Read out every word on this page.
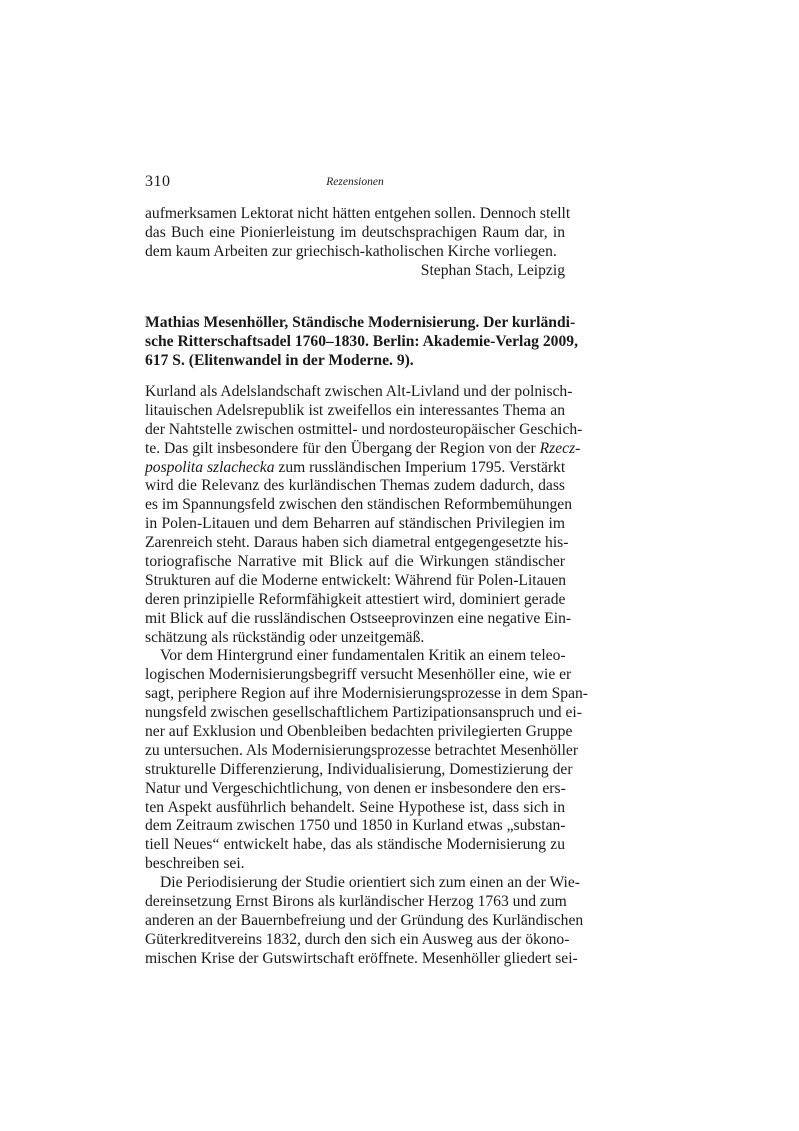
310	Rezensionen
aufmerksamen Lektorat nicht hätten entgehen sollen. Dennoch stellt
das Buch eine Pionierleistung im deutschsprachigen Raum dar, in
dem kaum Arbeiten zur griechisch-katholischen Kirche vorliegen.
Stephan Stach, Leipzig
Mathias Mesenhöller, Ständische Modernisierung. Der kurländi-
sche Ritterschaftsadel 1760–1830. Berlin: Akademie-Verlag 2009,
617 S. (Elitenwandel in der Moderne. 9).
Kurland als Adelslandschaft zwischen Alt-Livland und der polnisch-
litauischen Adelsrepublik ist zweifellos ein interessantes Thema an
der Nahtstelle zwischen ostmittel- und nordosteuropäischer Geschich-
te. Das gilt insbesondere für den Übergang der Region von der Rzecz-
pospolita szlachecka zum russländischen Imperium 1795. Verstärkt
wird die Relevanz des kurländischen Themas zudem dadurch, dass
es im Spannungsfeld zwischen den ständischen Reformbemühungen
in Polen-Litauen und dem Beharren auf ständischen Privilegien im
Zarenreich steht. Daraus haben sich diametral entgegengesetzte his-
toriografische Narrative mit Blick auf die Wirkungen ständischer
Strukturen auf die Moderne entwickelt: Während für Polen-Litauen
deren prinzipielle Reformfähigkeit attestiert wird, dominiert gerade
mit Blick auf die russländischen Ostseeprovinzen eine negative Ein-
schätzung als rückständig oder unzeitgemäß.
Vor dem Hintergrund einer fundamentalen Kritik an einem teleo-
logischen Modernisierungsbegriff versucht Mesenhöller eine, wie er
sagt, periphere Region auf ihre Modernisierungsprozesse in dem Span-
nungsfeld zwischen gesellschaftlichem Partizipationsanspruch und ei-
ner auf Exklusion und Obenbleiben bedachten privilegierten Gruppe
zu untersuchen. Als Modernisierungsprozesse betrachtet Mesenhöller
strukturelle Differenzierung, Individualisierung, Domestizierung der
Natur und Vergeschichtlichung, von denen er insbesondere den ers-
ten Aspekt ausführlich behandelt. Seine Hypothese ist, dass sich in
dem Zeitraum zwischen 1750 und 1850 in Kurland etwas „substan-
tiell Neues“ entwickelt habe, das als ständische Modernisierung zu
beschreiben sei.
Die Periodisierung der Studie orientiert sich zum einen an der Wie-
dereinsetzung Ernst Birons als kurländischer Herzog 1763 und zum
anderen an der Bauernbefreiung und der Gründung des Kurländischen
Güterkreditvereins 1832, durch den sich ein Ausweg aus der ökono-
mischen Krise der Gutswirtschaft eröffnete. Mesenhöller gliedert sei-
